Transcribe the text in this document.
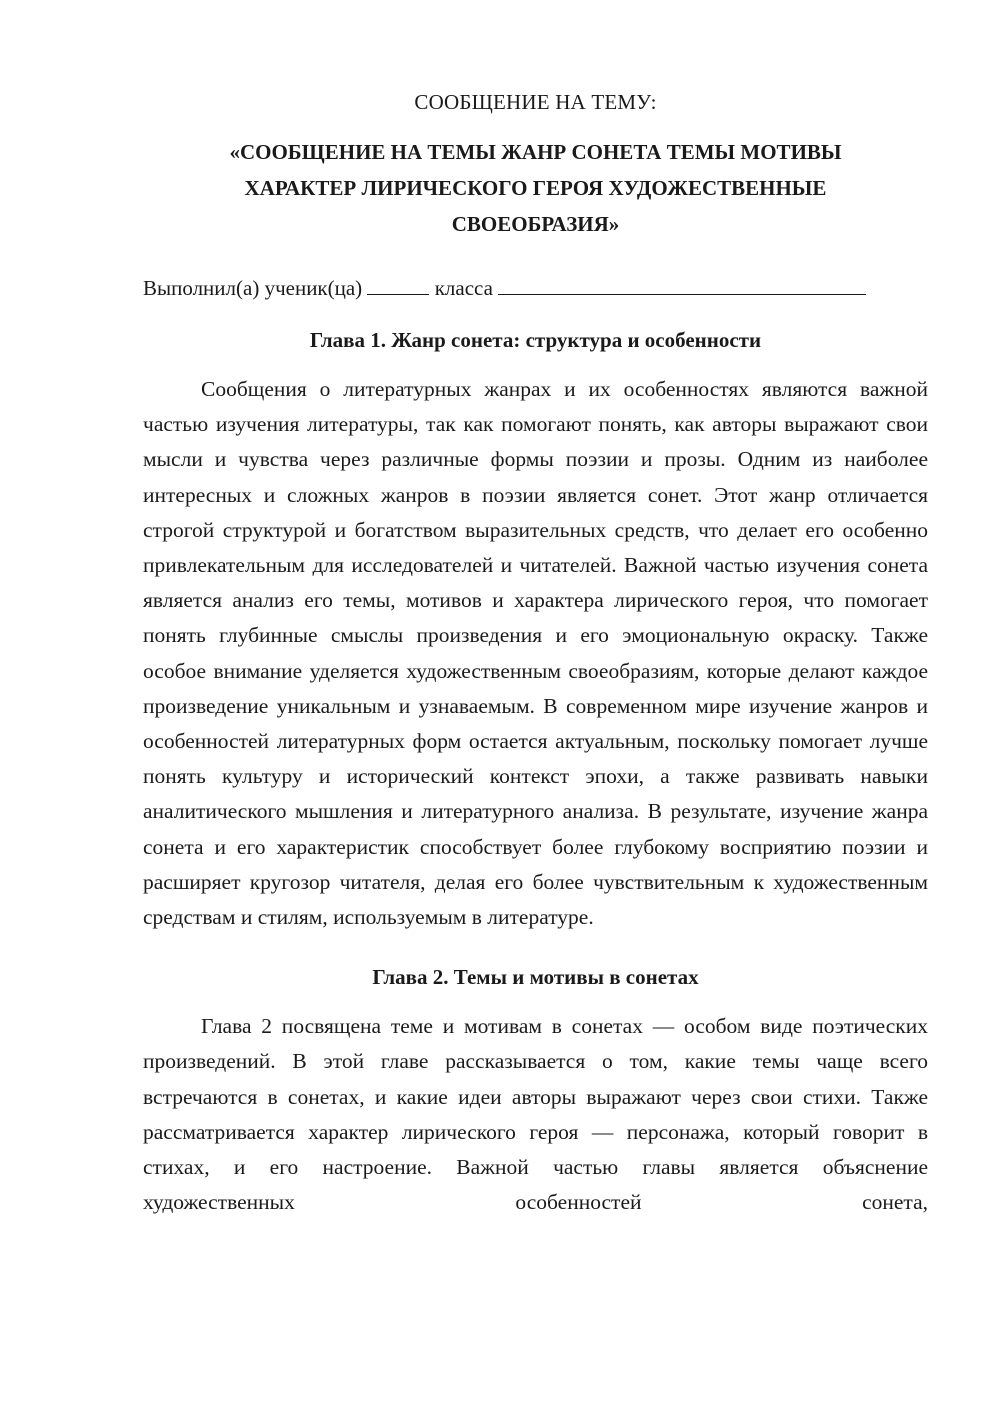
СООБЩЕНИЕ НА ТЕМУ:
«СООБЩЕНИЕ НА ТЕМЫ ЖАНР СОНЕТА ТЕМЫ МОТИВЫ
ХАРАКТЕР ЛИРИЧЕСКОГО ГЕРОЯ ХУДОЖЕСТВЕННЫЕ
СВОЕОБРАЗИЯ»

Выполнил(а) ученик(ца)	класса

Глава 1. Жанр сонета: структура и особенности

Сообщения о литературных жанрах и их особенностях являются важной частью изучения литературы, так как помогают понять, как авторы выражают свои мысли и чувства через различные формы поэзии и прозы. Одним из наиболее интересных и сложных жанров в поэзии является сонет. Этот жанр отличается строгой структурой и богатством выразительных средств, что делает его особенно привлекательным для исследователей и читателей. Важной частью изучения сонета является анализ его темы, мотивов и характера лирического героя, что помогает понять глубинные смыслы произведения и его эмоциональную окраску. Также особое внимание уделяется художественным своеобразиям, которые делают каждое произведение уникальным и узнаваемым. В современном мире изучение жанров и особенностей литературных форм остается актуальным, поскольку помогает лучше понять культуру и исторический контекст эпохи, а также развивать навыки аналитического мышления и литературного анализа. В результате, изучение жанра сонета и его характеристик способствует более глубокому восприятию поэзии и расширяет кругозор читателя, делая его более чувствительным к художественным средствам и стилям, используемым в литературе.

Глава 2. Темы и мотивы в сонетах

Глава 2 посвящена теме и мотивам в сонетах — особом виде поэтических произведений. В этой главе рассказывается о том, какие темы чаще всего встречаются в сонетах, и какие идеи авторы выражают через свои стихи. Также рассматривается характер лирического героя — персонажа, который говорит в стихах, и его настроение. Важной частью главы является объяснение художественных особенностей сонета,
